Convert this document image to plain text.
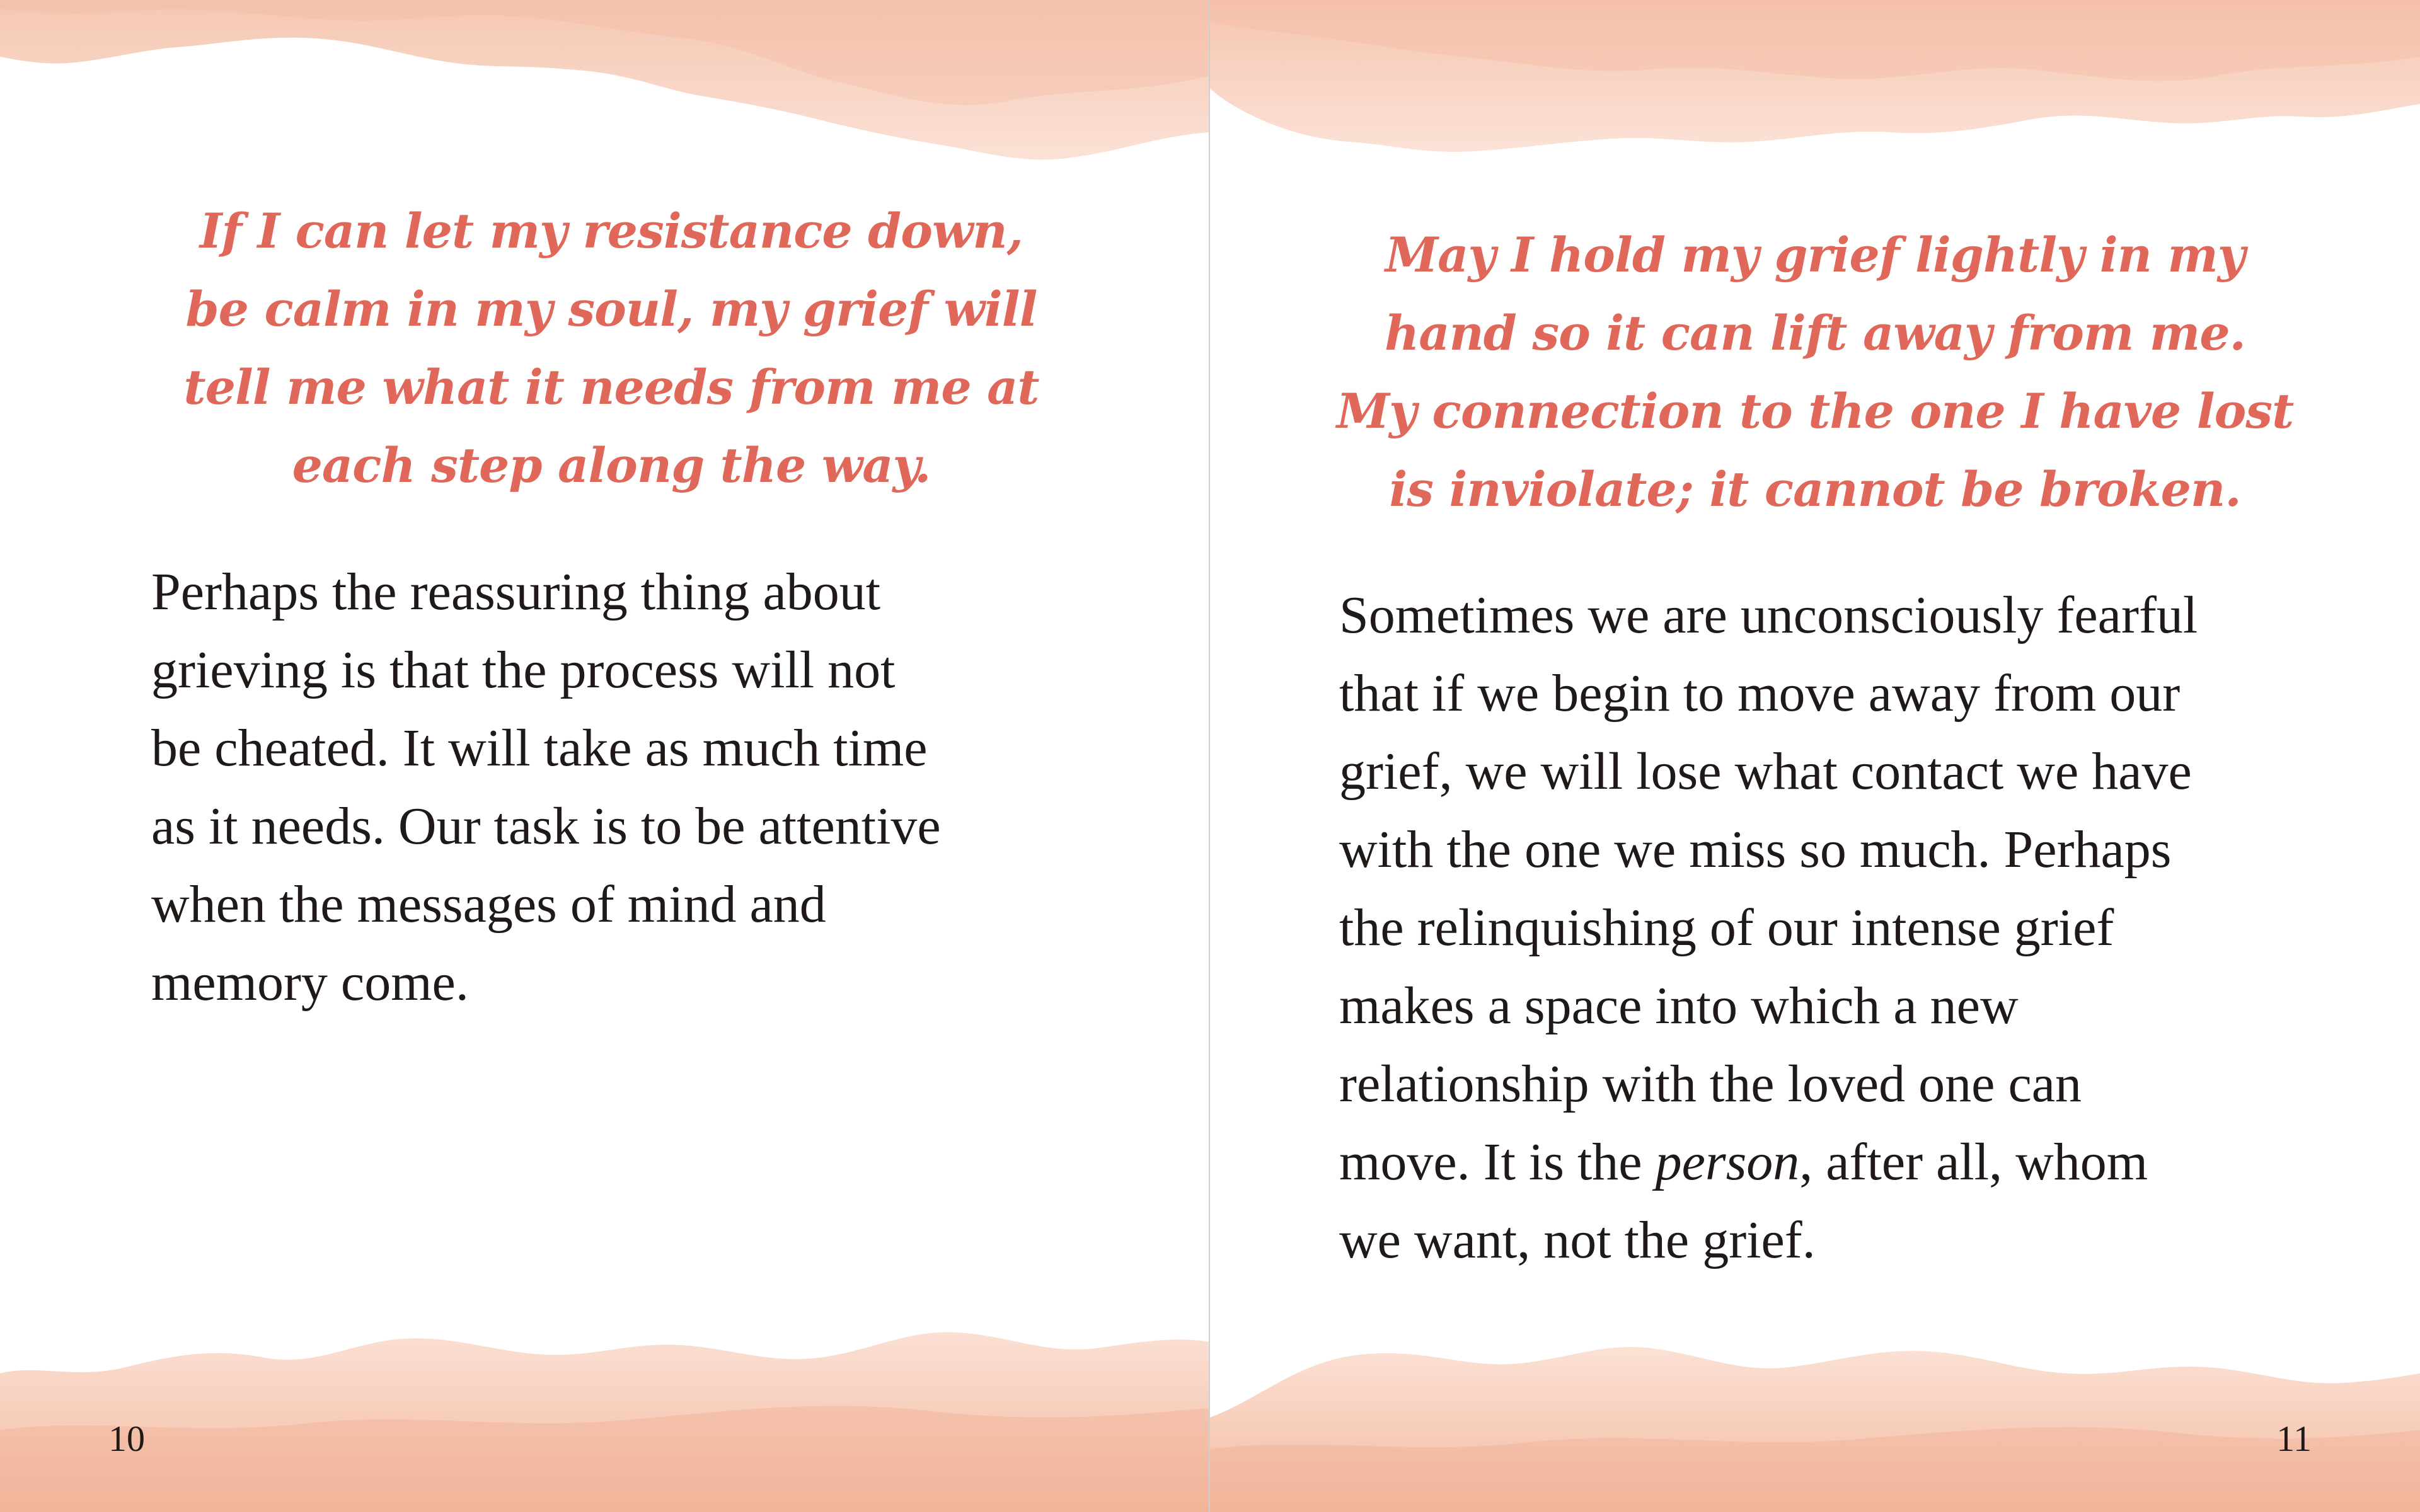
If I can let my resistance down,
be calm in my soul, my grief will
tell me what it needs from me at
each step along the way.

Perhaps the reassuring thing about
grieving is that the process will not
be cheated. It will take as much time
as it needs. Our task is to be attentive
when the messages of mind and
memory come.

10

May I hold my grief lightly in my
hand so it can lift away from me.
My connection to the one I have lost
is inviolate; it cannot be broken.

Sometimes we are unconsciously fearful
that if we begin to move away from our
grief, we will lose what contact we have
with the one we miss so much. Perhaps
the relinquishing of our intense grief
makes a space into which a new
relationship with the loved one can
move. It is the person, after all, whom
we want, not the grief.

11
